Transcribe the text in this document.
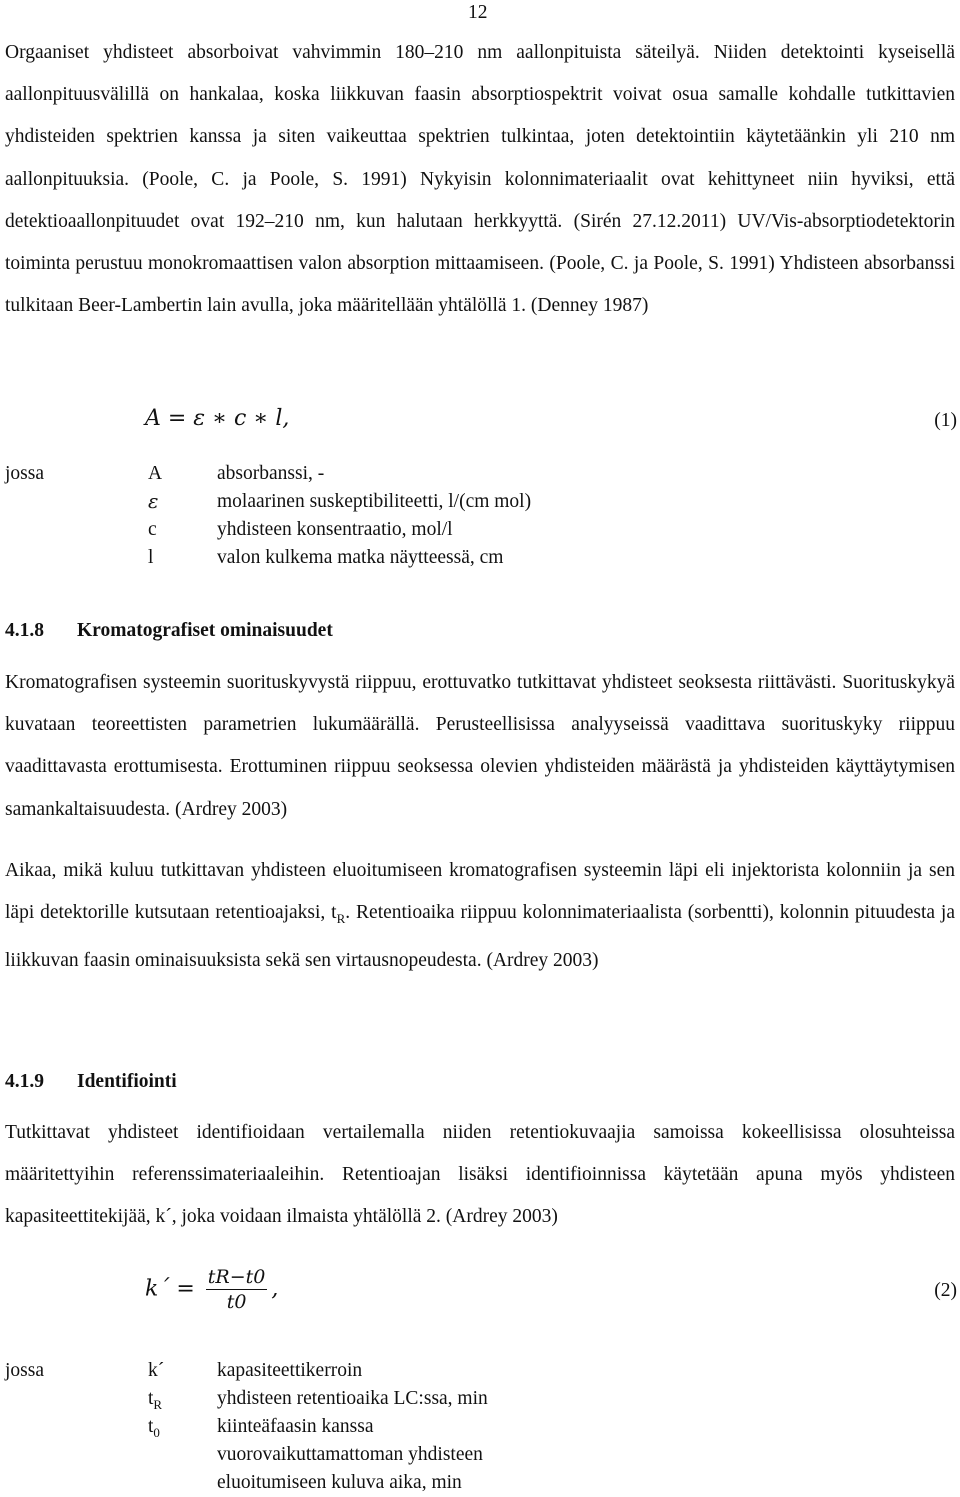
12

Orgaaniset yhdisteet absorboivat vahvimmin 180–210 nm aallonpituista säteilyä. Niiden detektointi kyseisellä aallonpituusvälillä on hankalaa, koska liikkuvan faasin absorptiospektrit voivat osua samalle kohdalle tutkittavien yhdisteiden spektrien kanssa ja siten vaikeuttaa spektrien tulkintaa, joten detektointiin käytetäänkin yli 210 nm aallonpituuksia. (Poole, C. ja Poole, S. 1991) Nykyisin kolonnimateriaalit ovat kehittyneet niin hyviksi, että detektioaallonpituudet ovat 192–210 nm, kun halutaan herkkyyttä. (Sirén 27.12.2011) UV/Vis-absorptiodetektorin toiminta perustuu monokromaattisen valon absorption mittaamiseen. (Poole, C. ja Poole, S. 1991) Yhdisteen absorbanssi tulkitaan Beer-Lambertin lain avulla, joka määritellään yhtälöllä 1. (Denney 1987)

A = ε ∗ c ∗ l,	(1)
jossa	A	absorbanssi, -
ε	molaarinen suskeptibiliteetti, l/(cm mol)
c	yhdisteen konsentraatio, mol/l
l	valon kulkema matka näytteessä, cm
4.1.8 Kromatografiset ominaisuudet

Kromatografisen systeemin suorituskyvystä riippuu, erottuvatko tutkittavat yhdisteet seoksesta riittävästi. Suorituskykyä kuvataan teoreettisten parametrien lukumäärällä. Perusteellisissa analyyseissä vaadittava suorituskyky riippuu vaadittavasta erottumisesta. Erottuminen riippuu seoksessa olevien yhdisteiden määrästä ja yhdisteiden käyttäytymisen samankaltaisuudesta. (Ardrey 2003)

Aikaa, mikä kuluu tutkittavan yhdisteen eluoitumiseen kromatografisen systeemin läpi eli injektorista kolonniin ja sen läpi detektorille kutsutaan retentioajaksi, $t_R$. Retentioaika riippuu kolonnimateriaalista (sorbentti), kolonnin pituudesta ja liikkuvan faasin ominaisuuksista sekä sen virtausnopeudesta. (Ardrey 2003)

4.1.9 Identifiointi

Tutkittavat yhdisteet identifioidaan vertailemalla niiden retentiokuvaajia samoissa kokeellisissa olosuhteissa määritettyihin referenssimateriaaleihin. Retentioajan lisäksi identifioinnissa käytetään apuna myös yhdisteen kapasiteettitekijää, k´, joka voidaan ilmaista yhtälöllä 2. (Ardrey 2003)

k´ = $\frac{tR-t0}{t0}$ ,	(2)
jossa	k´	kapasiteettikerroin
$t_R$	yhdisteen retentioaika LC:ssa, min
$t_0$	kiinteäfaasin kanssa vuorovaikuttamattoman yhdisteen eluoitumiseen kuluva aika, min
